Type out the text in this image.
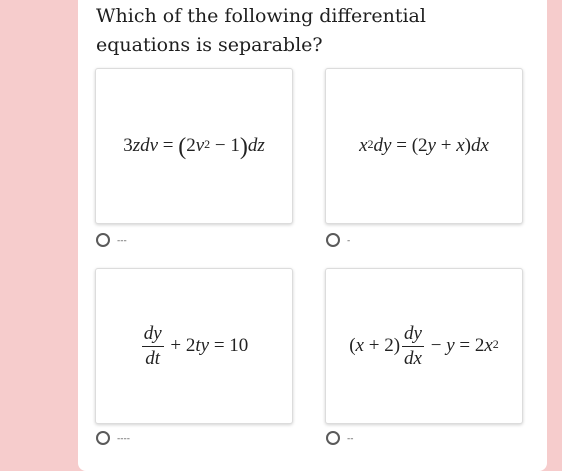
Which of the following differential equations is separable?
3zdv = ( $2v^2 - 1$ ) dz
---
$x^2dy = (2y + x)dx$
-
$\frac{dy}{dt} + 2ty = 10$
----
$(x + 2) \frac{dy}{dx} - y = 2x^2$
--
